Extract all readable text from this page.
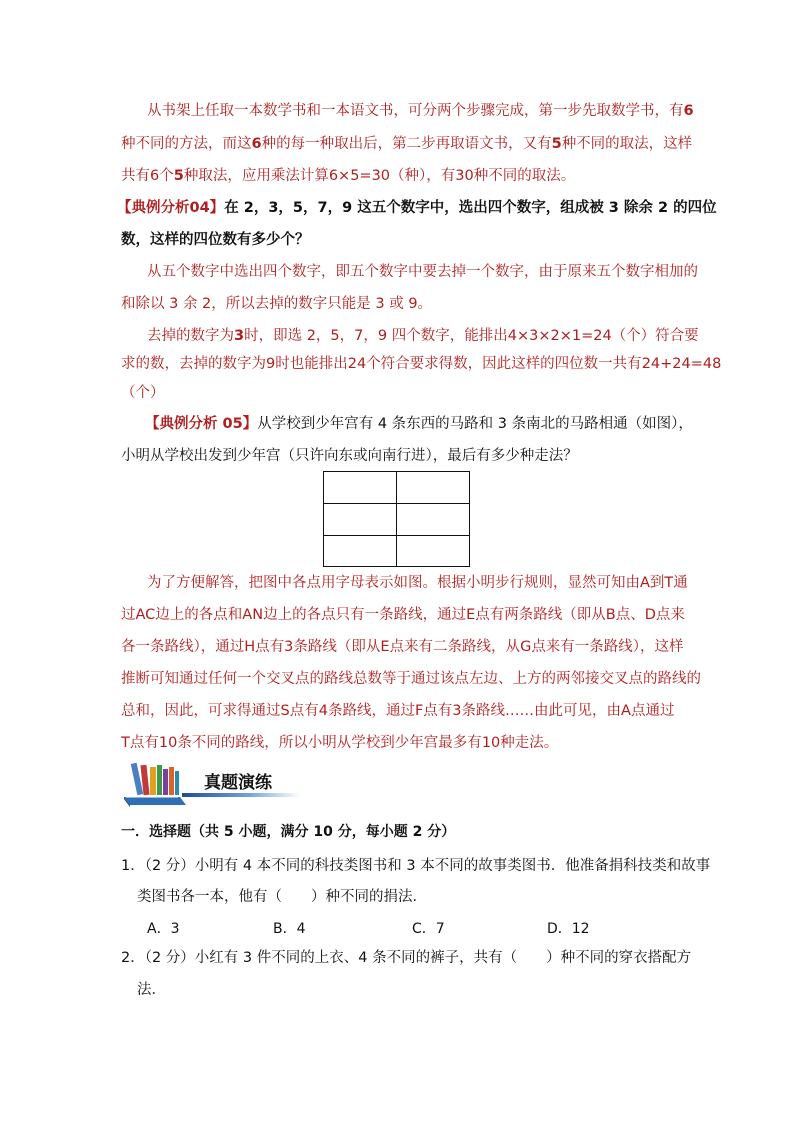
从书架上任取一本数学书和一本语文书，可分两个步骤完成，第一步先取数学书，有6
种不同的方法，而这6种的每一种取出后，第二步再取语文书，又有5种不同的取法，这样
共有6个5种取法，应用乘法计算6×5=30（种），有30种不同的取法。
【典例分析04】在 2，3，5，7，9 这五个数字中，选出四个数字，组成被 3 除余 2 的四位
数，这样的四位数有多少个？
从五个数字中选出四个数字，即五个数字中要去掉一个数字，由于原来五个数字相加的
和除以 3 余 2，所以去掉的数字只能是 3 或 9。
去掉的数字为3时，即选 2，5，7，9 四个数字，能排出4×3×2×1=24（个）符合要
求的数，去掉的数字为9时也能排出24个符合要求得数，因此这样的四位数一共有24+24=48
（个）
【典例分析 05】从学校到少年宫有 4 条东西的马路和 3 条南北的马路相通（如图），
小明从学校出发到少年宫（只许向东或向南行进），最后有多少种走法？
为了方便解答，把图中各点用字母表示如图。根据小明步行规则，显然可知由A到T通
过AC边上的各点和AN边上的各点只有一条路线，通过E点有两条路线（即从B点、D点来
各一条路线），通过H点有3条路线（即从E点来有二条路线，从G点来有一条路线），这样
推断可知通过任何一个交叉点的路线总数等于通过该点左边、上方的两邻接交叉点的路线的
总和，因此，可求得通过S点有4条路线，通过F点有3条路线……由此可见，由A点通过
T点有10条不同的路线，所以小明从学校到少年宫最多有10种走法。
真题演练
一．选择题（共 5 小题，满分 10 分，每小题 2 分）
1．（2 分）小明有 4 本不同的科技类图书和 3 本不同的故事类图书．他准备捐科技类和故事
类图书各一本，他有（　　）种不同的捐法．
A．3	B．4	C．7	D．12
2．（2 分）小红有 3 件不同的上衣、4 条不同的裤子，共有（　　）种不同的穿衣搭配方
法．
